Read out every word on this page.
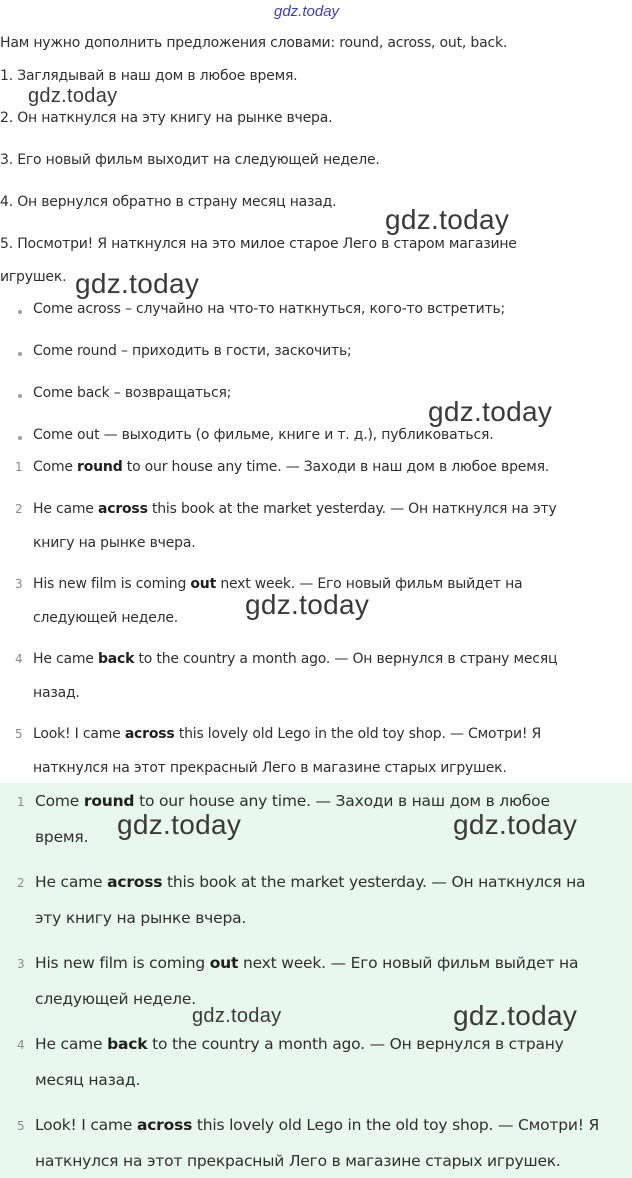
gdz.today
Нам нужно дополнить предложения словами: round, across, out, back.
1. Заглядывай в наш дом в любое время.
2. Он наткнулся на эту книгу на рынке вчера.
3. Его новый фильм выходит на следующей неделе.
4. Он вернулся обратно в страну месяц назад.
5. Посмотри! Я наткнулся на это милое старое Лего в старом магазине
игрушек.
Come across – случайно на что-то наткнуться, кого-то встретить;
Come round – приходить в гости, заскочить;
Come back – возвращаться;
Come out — выходить (о фильме, книге и т. д.), публиковаться.
1 Come round to our house any time. — Заходи в наш дом в любое время.
2 He came across this book at the market yesterday. — Он наткнулся на эту
книгу на рынке вчера.
3 His new film is coming out next week. — Его новый фильм выйдет на
следующей неделе.
4 He came back to the country a month ago. — Он вернулся в страну месяц
назад.
5 Look! I came across this lovely old Lego in the old toy shop. — Смотри! Я
наткнулся на этот прекрасный Лего в магазине старых игрушек.
1 Come round to our house any time. — Заходи в наш дом в любое
время.
2 He came across this book at the market yesterday. — Он наткнулся на
эту книгу на рынке вчера.
3 His new film is coming out next week. — Его новый фильм выйдет на
следующей неделе.
4 He came back to the country a month ago. — Он вернулся в страну
месяц назад.
5 Look! I came across this lovely old Lego in the old toy shop. — Смотри! Я
наткнулся на этот прекрасный Лего в магазине старых игрушек.
gdz.today
gdz.today
gdz.today
gdz.today
gdz.today
gdz.today	gdz.today
gdz.today	gdz.today
